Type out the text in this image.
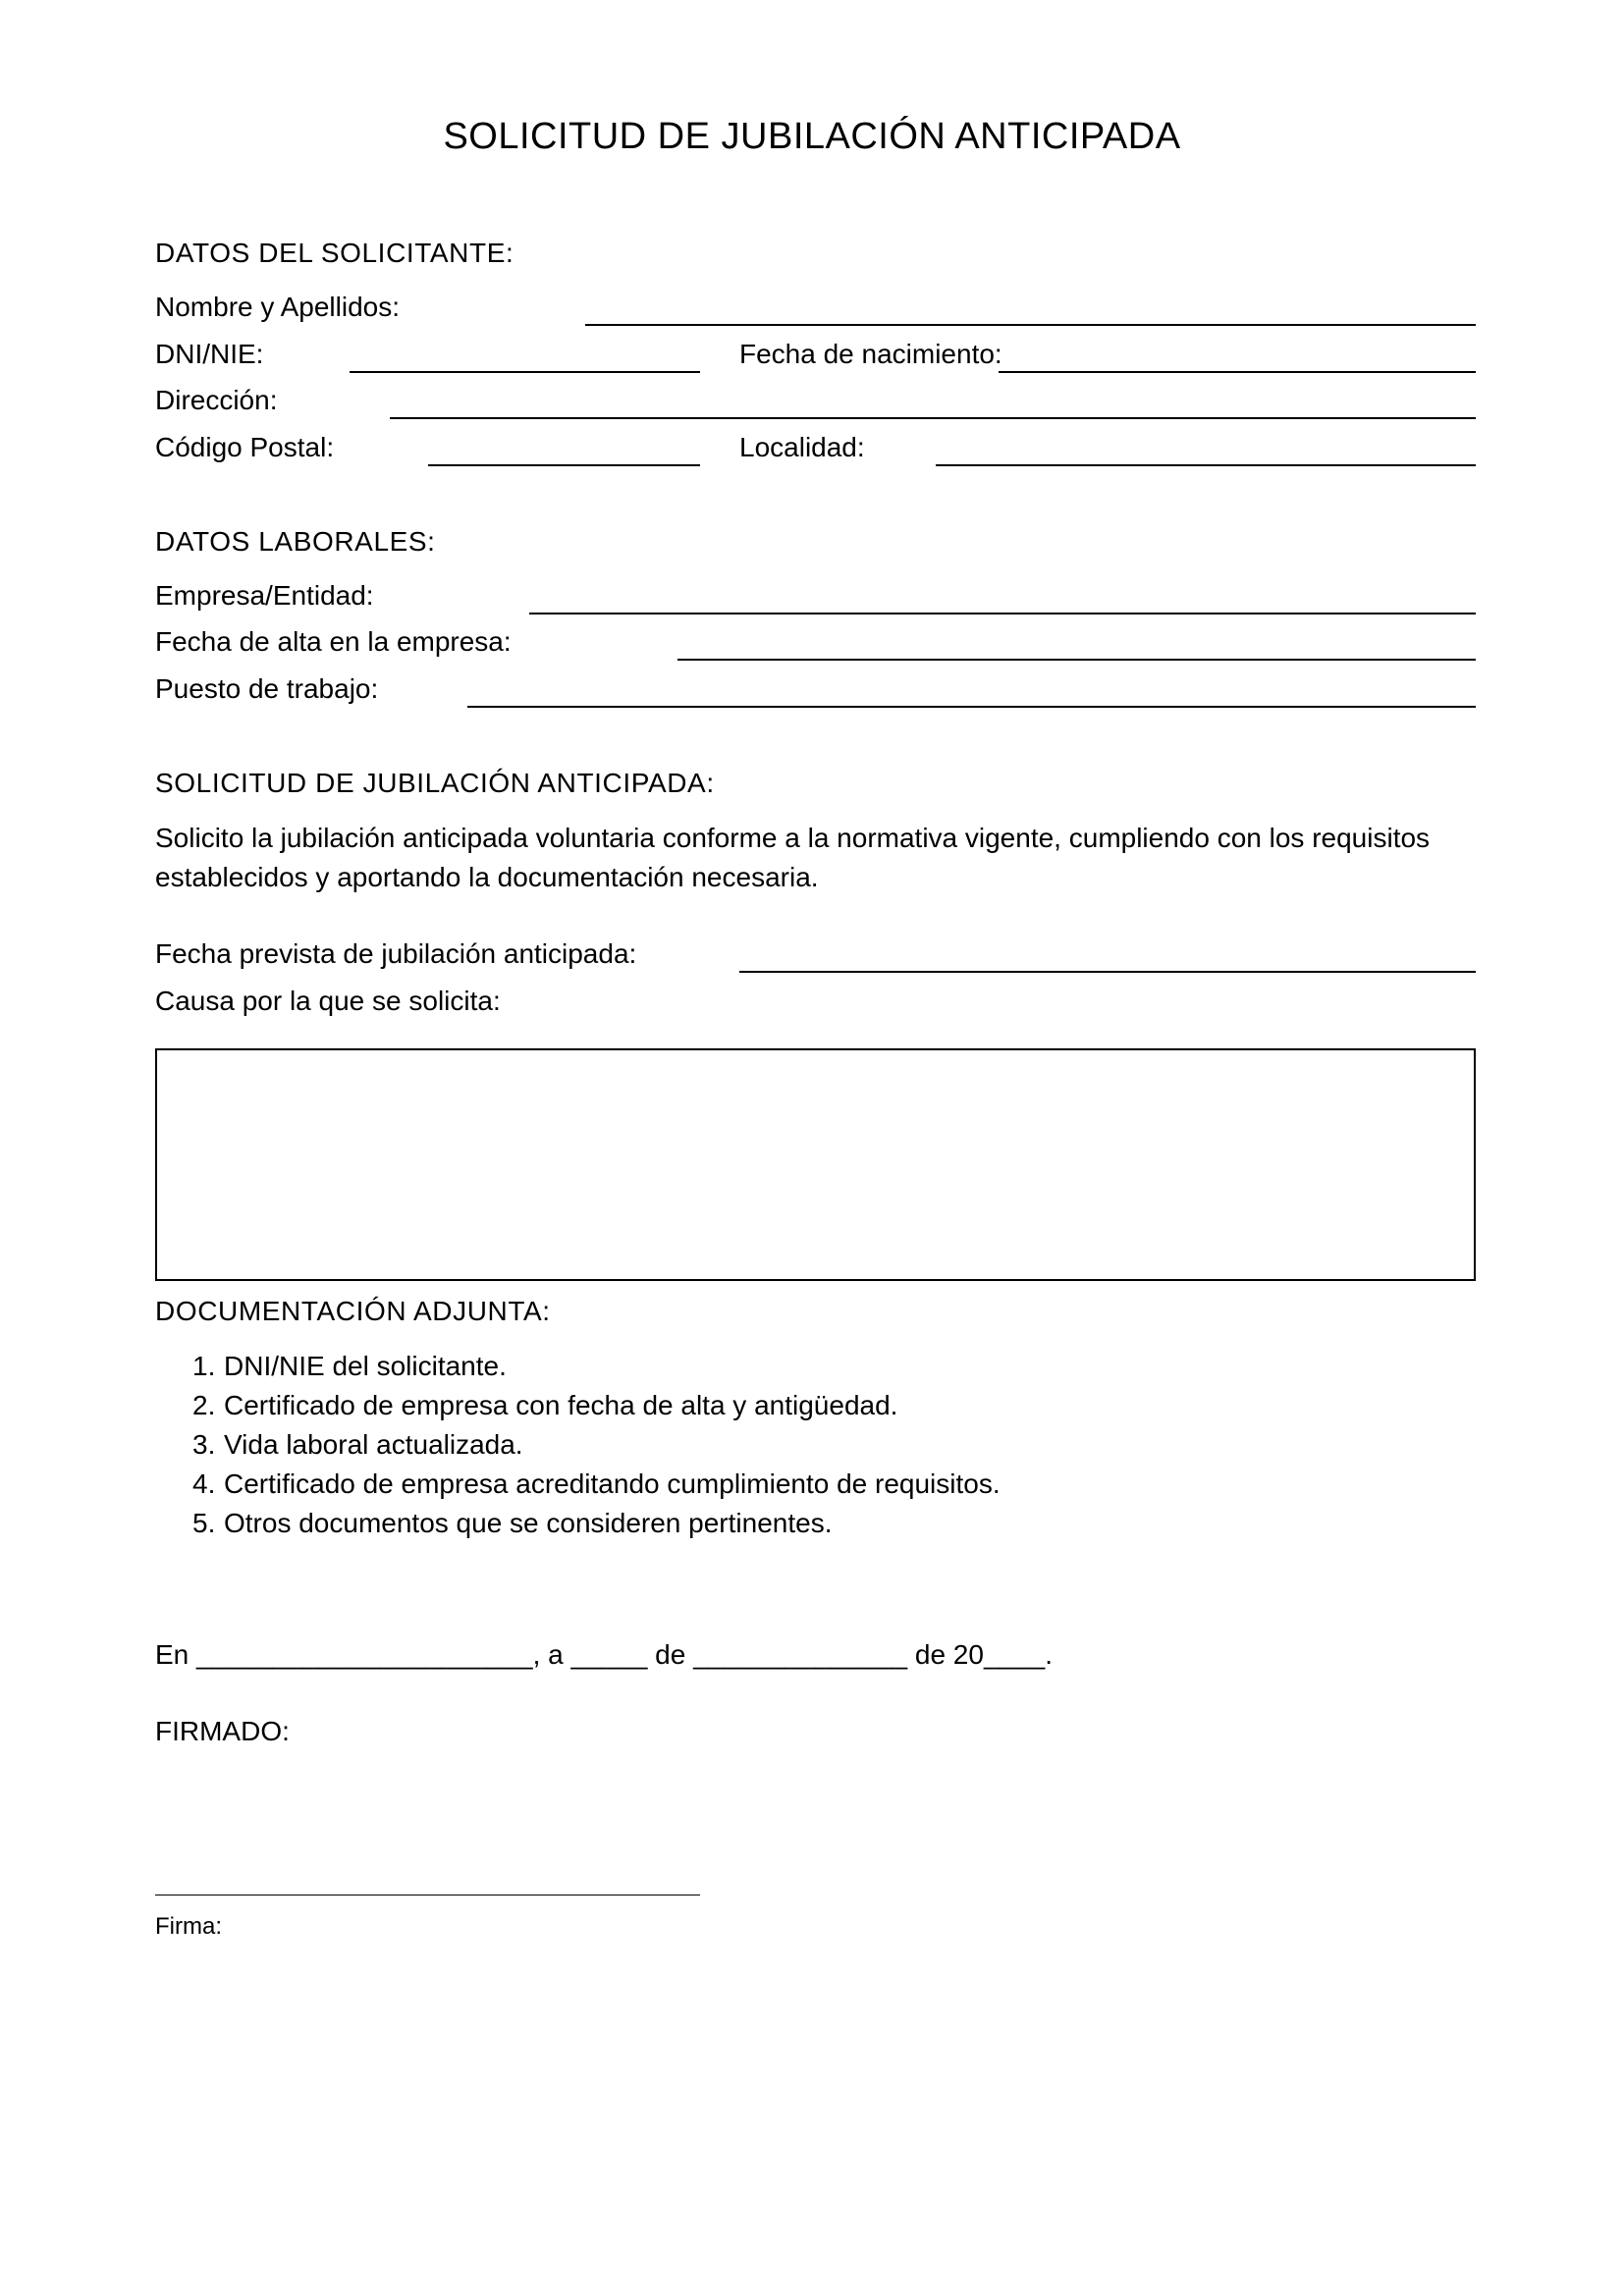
SOLICITUD DE JUBILACIÓN ANTICIPADA
DATOS DEL SOLICITANTE:
Nombre y Apellidos:
DNI/NIE:	Fecha de nacimiento:
Dirección:
Código Postal:	Localidad:
DATOS LABORALES:
Empresa/Entidad:
Fecha de alta en la empresa:
Puesto de trabajo:
SOLICITUD DE JUBILACIÓN ANTICIPADA:
Solicito la jubilación anticipada voluntaria conforme a la normativa vigente, cumpliendo con los requisitos establecidos y aportando la documentación necesaria.
Fecha prevista de jubilación anticipada:
Causa por la que se solicita:
DOCUMENTACIÓN ADJUNTA:
1. DNI/NIE del solicitante.
2. Certificado de empresa con fecha de alta y antigüedad.
3. Vida laboral actualizada.
4. Certificado de empresa acreditando cumplimiento de requisitos.
5. Otros documentos que se consideren pertinentes.
En ______________________, a _____ de ______________ de 20____.
FIRMADO:
Firma:
